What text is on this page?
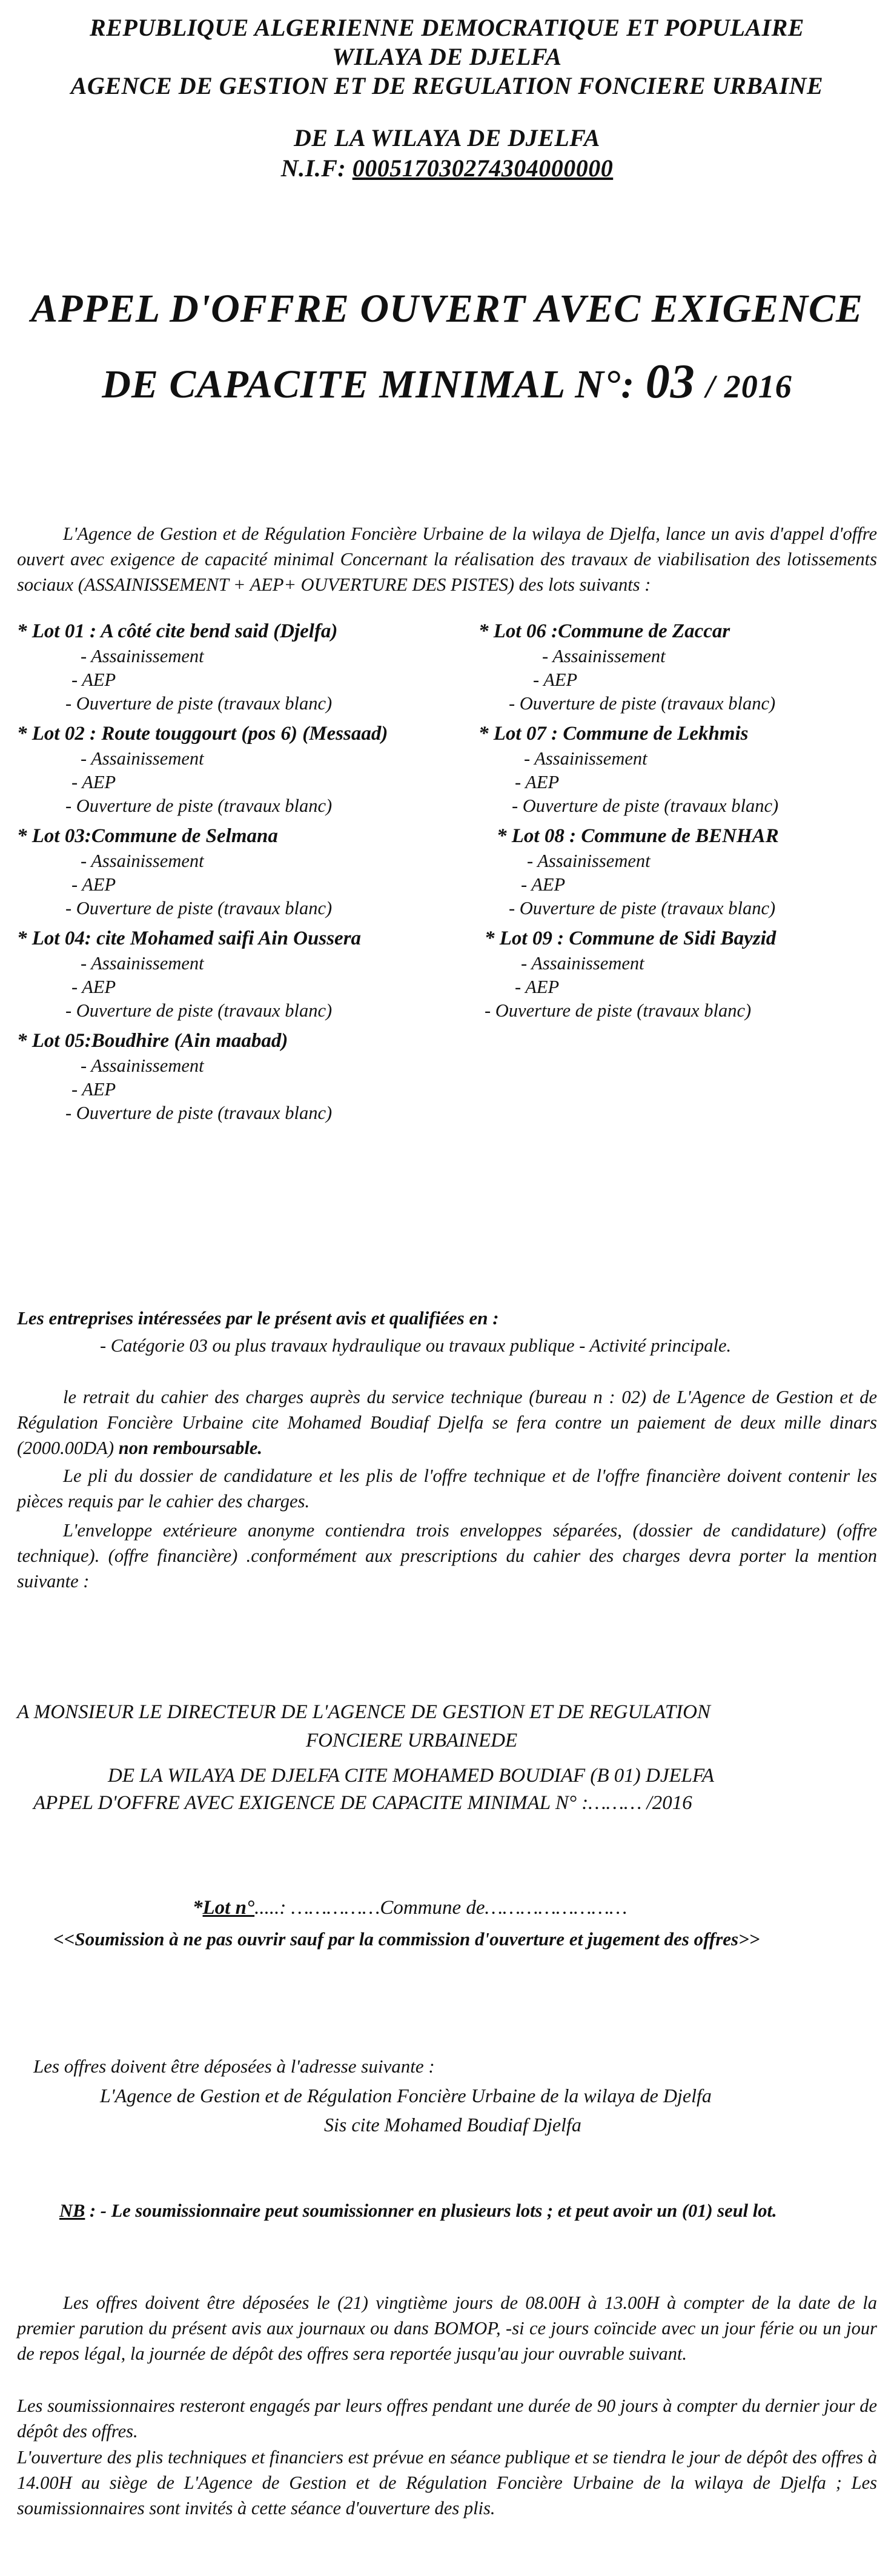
REPUBLIQUE ALGERIENNE DEMOCRATIQUE ET POPULAIRE
WILAYA DE DJELFA
AGENCE DE GESTION ET DE REGULATION FONCIERE URBAINE
DE LA WILAYA DE DJELFA
N.I.F: 000517030274304000000
APPEL D'OFFRE OUVERT AVEC EXIGENCE
DE CAPACITE MINIMAL N°: 03 / 2016
L'Agence de Gestion et de Régulation Foncière Urbaine de la wilaya de Djelfa, lance un avis d'appel d'offre ouvert avec exigence de capacité minimal Concernant la réalisation des travaux de viabilisation des lotissements sociaux (ASSAINISSEMENT + AEP+ OUVERTURE DES PISTES) des lots suivants :
* Lot 01 : A côté cite bend said (Djelfa)
- Assainissement
- AEP
- Ouverture de piste (travaux blanc)
* Lot 02 : Route touggourt (pos 6) (Messaad)
- Assainissement
- AEP
- Ouverture de piste (travaux blanc)
* Lot 03:Commune de Selmana
- Assainissement
- AEP
- Ouverture de piste (travaux blanc)
* Lot 04: cite Mohamed saifi Ain Oussera
- Assainissement
- AEP
- Ouverture de piste (travaux blanc)
* Lot 05:Boudhire (Ain maabad)
- Assainissement
- AEP
- Ouverture de piste (travaux blanc)
* Lot 06 :Commune de Zaccar
- Assainissement
- AEP
- Ouverture de piste (travaux blanc)
* Lot 07 : Commune de Lekhmis
- Assainissement
- AEP
- Ouverture de piste (travaux blanc)
* Lot 08 : Commune de BENHAR
- Assainissement
- AEP
- Ouverture de piste (travaux blanc)
* Lot 09 : Commune de Sidi Bayzid
- Assainissement
- AEP
- Ouverture de piste (travaux blanc)
Les entreprises intéressées par le présent avis et qualifiées en :
- Catégorie 03 ou plus travaux hydraulique ou travaux publique - Activité principale.
le retrait du cahier des charges auprès du service technique (bureau n : 02) de L'Agence de Gestion et de Régulation Foncière Urbaine cite Mohamed Boudiaf Djelfa se fera contre un paiement de deux mille dinars (2000.00DA) non remboursable.
Le pli du dossier de candidature et les plis de l'offre technique et de l'offre financière doivent contenir les pièces requis par le cahier des charges.
L'enveloppe extérieure anonyme contiendra trois enveloppes séparées, (dossier de candidature) (offre technique). (offre financière) .conformément aux prescriptions du cahier des charges devra porter la mention suivante :
A MONSIEUR LE DIRECTEUR DE L'AGENCE DE GESTION ET DE REGULATION
FONCIERE URBAINEDE
DE LA WILAYA DE DJELFA CITE MOHAMED BOUDIAF (B 01) DJELFA
APPEL D'OFFRE AVEC EXIGENCE DE CAPACITE MINIMAL N° :……… /2016
*Lot n°.....: ……………Commune de……………………
<<Soumission à ne pas ouvrir sauf par la commission d'ouverture et jugement des offres>>
Les offres doivent être déposées à l'adresse suivante :
L'Agence de Gestion et de Régulation Foncière Urbaine de la wilaya de Djelfa
Sis cite Mohamed Boudiaf Djelfa
NB : - Le soumissionnaire peut soumissionner en plusieurs lots ; et peut avoir un (01) seul lot.
Les offres doivent être déposées le (21) vingtième jours de 08.00H à 13.00H à compter de la date de la premier parution du présent avis aux journaux ou dans BOMOP, -si ce jours coïncide avec un jour férie ou un jour de repos légal, la journée de dépôt des offres sera reportée jusqu'au jour ouvrable suivant.
Les soumissionnaires resteront engagés par leurs offres pendant une durée de 90 jours à compter du dernier jour de dépôt des offres.
L'ouverture des plis techniques et financiers est prévue en séance publique et se tiendra le jour de dépôt des offres à 14.00H au siège de L'Agence de Gestion et de Régulation Foncière Urbaine de la wilaya de Djelfa ; Les soumissionnaires sont invités à cette séance d'ouverture des plis.
